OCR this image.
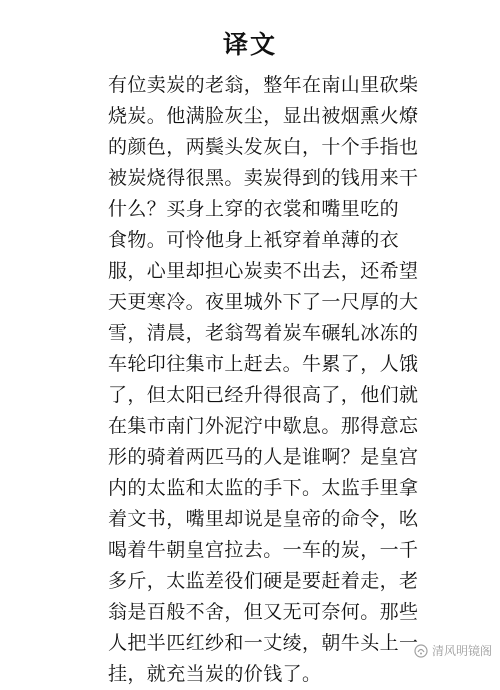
译文
有位卖炭的老翁，整年在南山里砍柴
烧炭。他满脸灰尘，显出被烟熏火燎
的颜色，两鬓头发灰白，十个手指也
被炭烧得很黑。卖炭得到的钱用来干
什么？买身上穿的衣裳和嘴里吃的
食物。可怜他身上衹穿着单薄的衣
服，心里却担心炭卖不出去，还希望
天更寒冷。夜里城外下了一尺厚的大
雪，清晨，老翁驾着炭车碾轧冰冻的
车轮印往集市上赶去。牛累了，人饿
了，但太阳已经升得很高了，他们就
在集市南门外泥泞中歇息。那得意忘
形的骑着两匹马的人是谁啊？是皇宫
内的太监和太监的手下。太监手里拿
着文书，嘴里却说是皇帝的命令，吆
喝着牛朝皇宫拉去。一车的炭，一千
多斤，太监差役们硬是要赶着走，老
翁是百般不舍，但又无可奈何。那些
人把半匹红纱和一丈绫，朝牛头上一
挂，就充当炭的价钱了。
清风明镜阁
